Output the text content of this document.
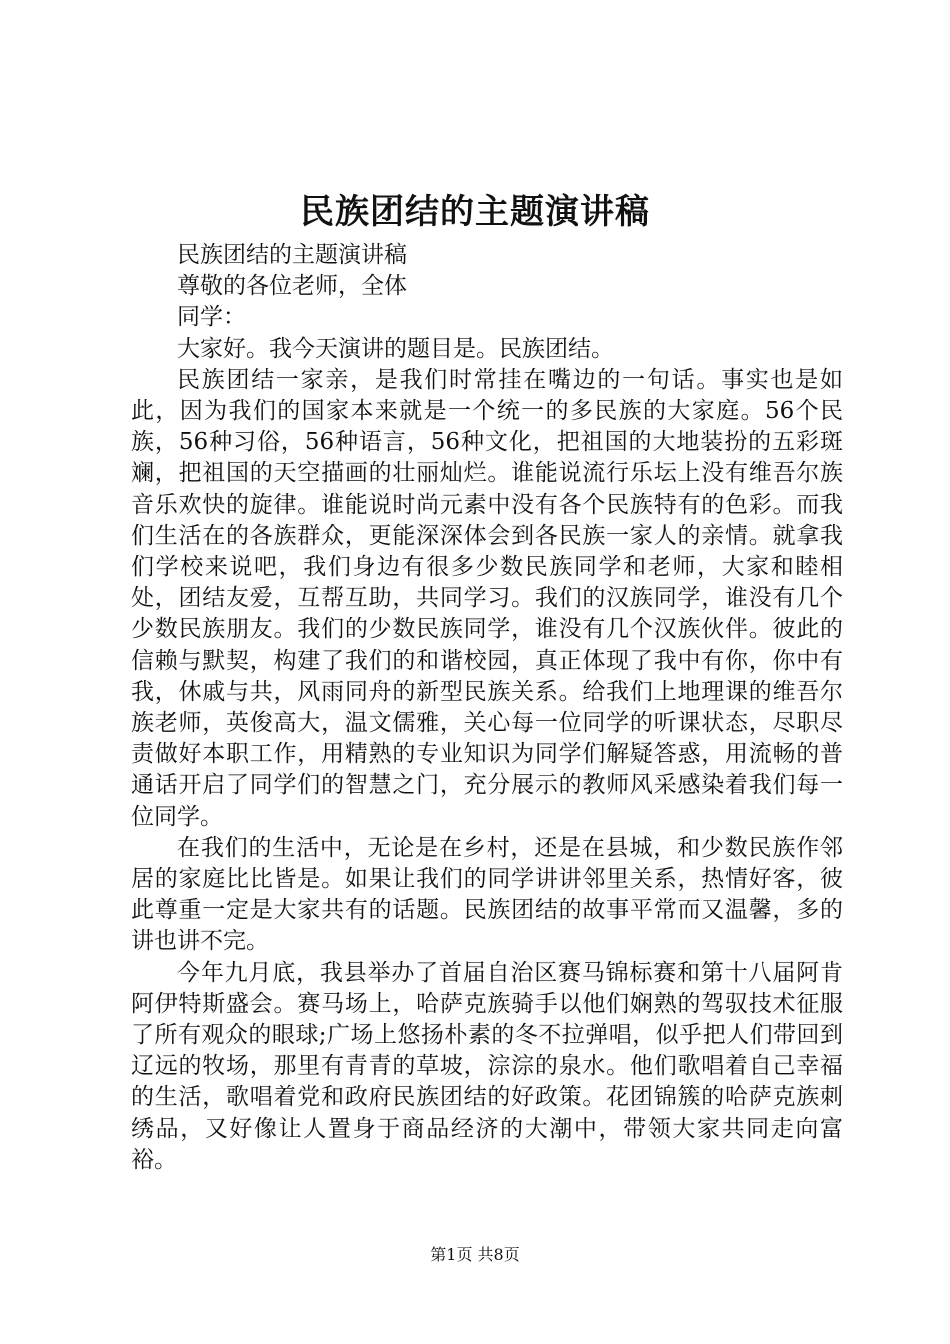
民族团结的主题演讲稿

民族团结的主题演讲稿

尊敬的各位老师，全体

同学：

大家好。我今天演讲的题目是。民族团结。

民族团结一家亲，是我们时常挂在嘴边的一句话。事实也是如此，因为我们的国家本来就是一个统一的多民族的大家庭。56个民族，56种习俗，56种语言，56种文化，把祖国的大地装扮的五彩斑斓，把祖国的天空描画的壮丽灿烂。谁能说流行乐坛上没有维吾尔族音乐欢快的旋律。谁能说时尚元素中没有各个民族特有的色彩。而我们生活在的各族群众，更能深深体会到各民族一家人的亲情。就拿我们学校来说吧，我们身边有很多少数民族同学和老师，大家和睦相处，团结友爱，互帮互助，共同学习。我们的汉族同学，谁没有几个少数民族朋友。我们的少数民族同学，谁没有几个汉族伙伴。彼此的信赖与默契，构建了我们的和谐校园，真正体现了我中有你，你中有我，休戚与共，风雨同舟的新型民族关系。给我们上地理课的维吾尔族老师，英俊高大，温文儒雅，关心每一位同学的听课状态，尽职尽责做好本职工作，用精熟的专业知识为同学们解疑答惑，用流畅的普通话开启了同学们的智慧之门，充分展示的教师风采感染着我们每一位同学。

在我们的生活中，无论是在乡村，还是在县城，和少数民族作邻居的家庭比比皆是。如果让我们的同学讲讲邻里关系，热情好客，彼此尊重一定是大家共有的话题。民族团结的故事平常而又温馨，多的讲也讲不完。

今年九月底，我县举办了首届自治区赛马锦标赛和第十八届阿肯阿伊特斯盛会。赛马场上，哈萨克族骑手以他们娴熟的驾驭技术征服了所有观众的眼球;广场上悠扬朴素的冬不拉弹唱，似乎把人们带回到辽远的牧场，那里有青青的草坡，淙淙的泉水。他们歌唱着自己幸福的生活，歌唱着党和政府民族团结的好政策。花团锦簇的哈萨克族刺绣品，又好像让人置身于商品经济的大潮中，带领大家共同走向富裕。

第1页 共8页
